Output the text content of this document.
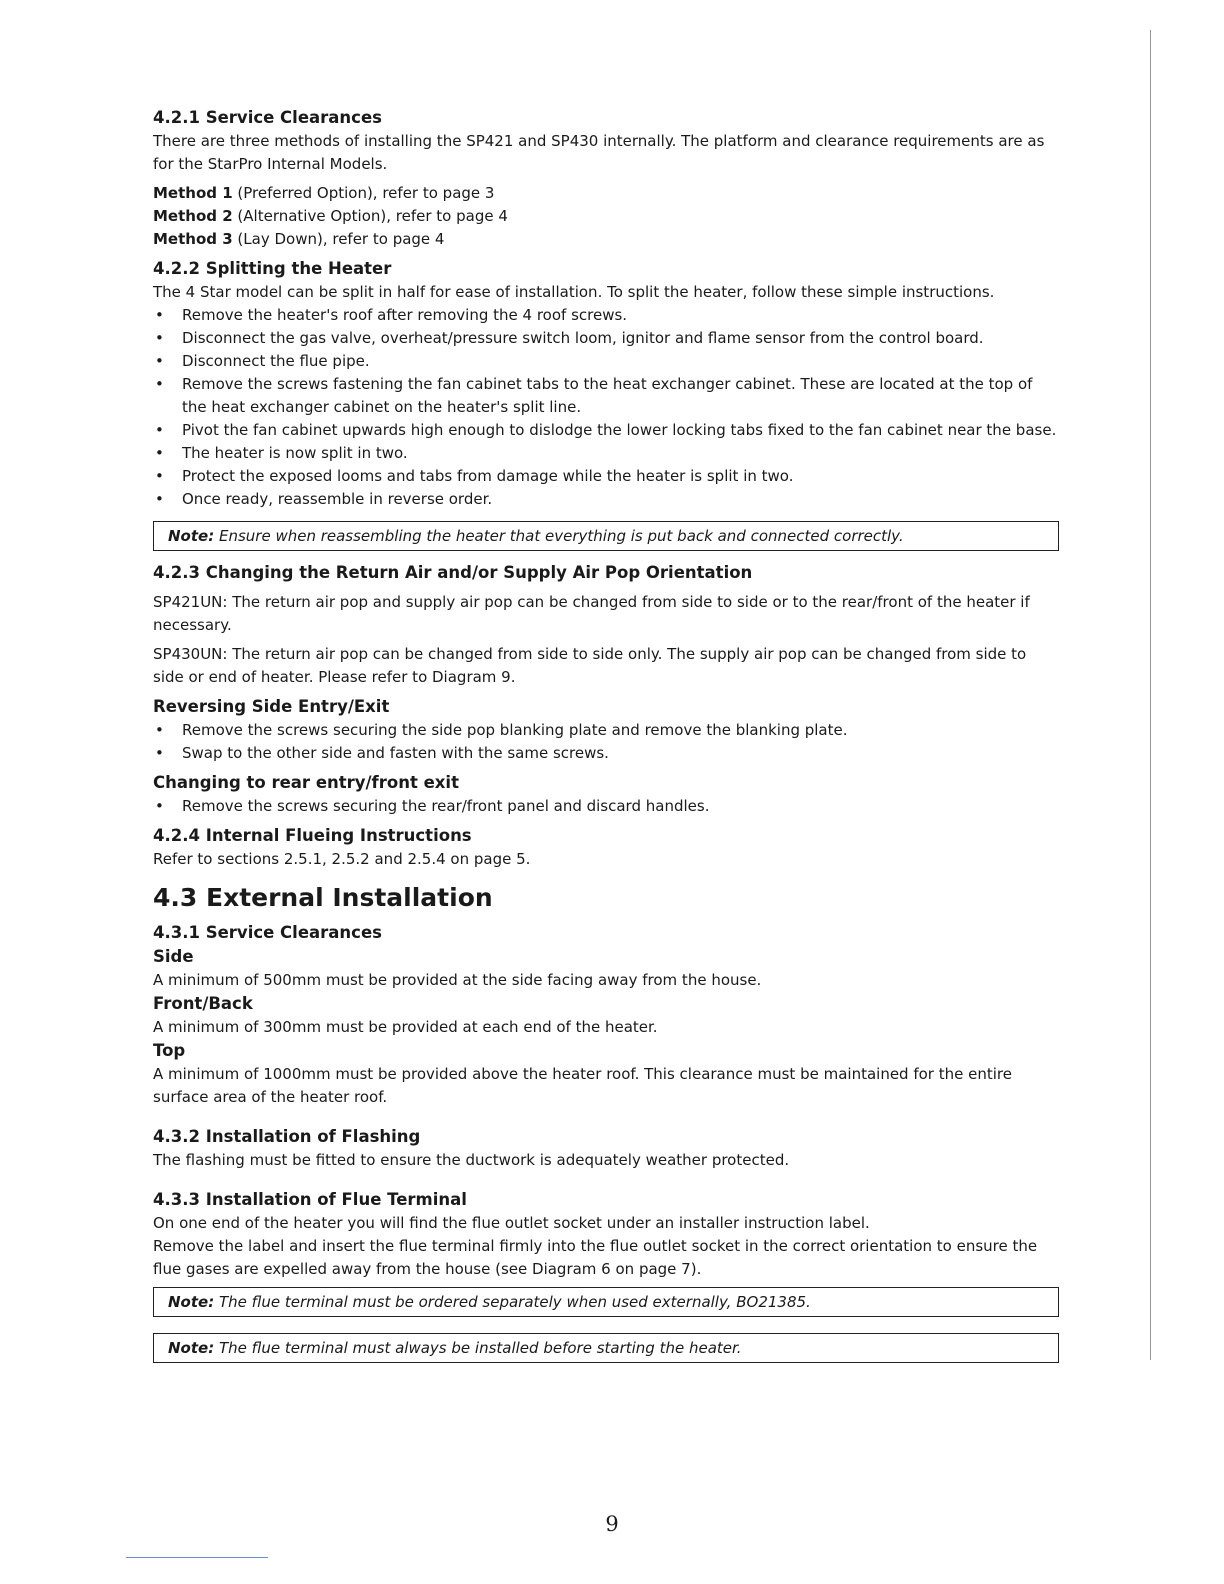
4.2.1 Service Clearances

There are three methods of installing the SP421 and SP430 internally. The platform and clearance requirements are as for the StarPro Internal Models.

Method 1 (Preferred Option), refer to page 3

Method 2 (Alternative Option), refer to page 4

Method 3 (Lay Down), refer to page 4

4.2.2 Splitting the Heater

The 4 Star model can be split in half for ease of installation. To split the heater, follow these simple instructions.

• Remove the heater's roof after removing the 4 roof screws.
• Disconnect the gas valve, overheat/pressure switch loom, ignitor and flame sensor from the control board.
• Disconnect the flue pipe.
• Remove the screws fastening the fan cabinet tabs to the heat exchanger cabinet. These are located at the top of the heat exchanger cabinet on the heater's split line.
• Pivot the fan cabinet upwards high enough to dislodge the lower locking tabs fixed to the fan cabinet near the base.
• The heater is now split in two.
• Protect the exposed looms and tabs from damage while the heater is split in two.
• Once ready, reassemble in reverse order.
Note: Ensure when reassembling the heater that everything is put back and connected correctly.
4.2.3 Changing the Return Air and/or Supply Air Pop Orientation

SP421UN: The return air pop and supply air pop can be changed from side to side or to the rear/front of the heater if necessary.

SP430UN: The return air pop can be changed from side to side only. The supply air pop can be changed from side to side or end of heater. Please refer to Diagram 9.

Reversing Side Entry/Exit
• Remove the screws securing the side pop blanking plate and remove the blanking plate.
• Swap to the other side and fasten with the same screws.
Changing to rear entry/front exit
• Remove the screws securing the rear/front panel and discard handles.
4.2.4 Internal Flueing Instructions

Refer to sections 2.5.1, 2.5.2 and 2.5.4 on page 5.

4.3 External Installation
4.3.1 Service Clearances
Side

A minimum of 500mm must be provided at the side facing away from the house.

Front/Back

A minimum of 300mm must be provided at each end of the heater.

Top

A minimum of 1000mm must be provided above the heater roof. This clearance must be maintained for the entire surface area of the heater roof.

4.3.2 Installation of Flashing

The flashing must be fitted to ensure the ductwork is adequately weather protected.

4.3.3 Installation of Flue Terminal

On one end of the heater you will find the flue outlet socket under an installer instruction label.

Remove the label and insert the flue terminal firmly into the flue outlet socket in the correct orientation to ensure the flue gases are expelled away from the house (see Diagram 6 on page 7).

Note: The flue terminal must be ordered separately when used externally, BO21385.
Note: The flue terminal must always be installed before starting the heater.
9
